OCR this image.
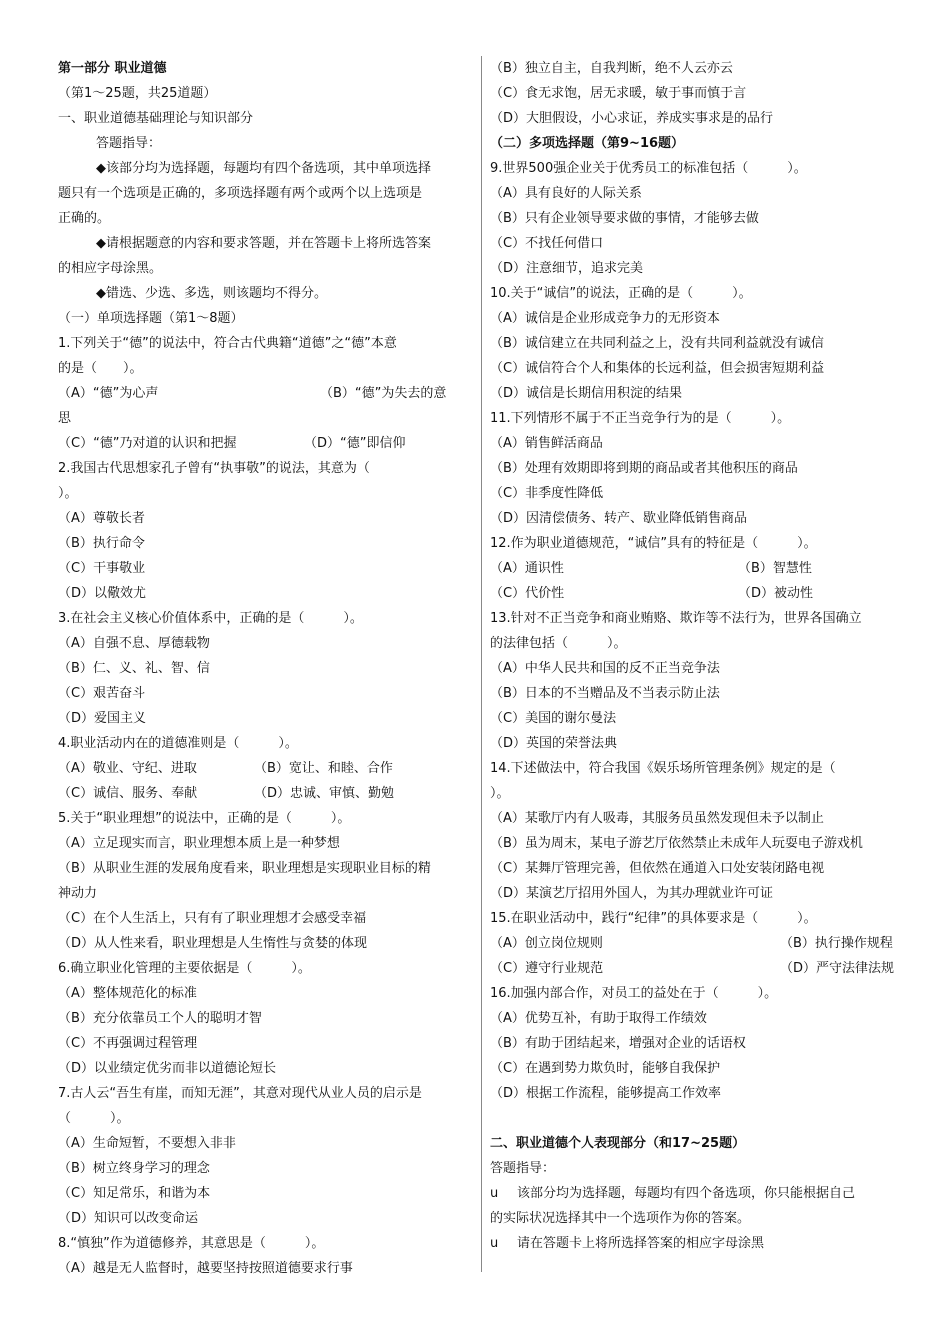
第一部分 职业道德
（第1～25题，共25道题）
一、职业道德基础理论与知识部分
答题指导：
◆该部分均为选择题，每题均有四个备选项，其中单项选择
题只有一个选项是正确的，多项选择题有两个或两个以上选项是
正确的。
◆请根据题意的内容和要求答题，并在答题卡上将所选答案
的相应字母涂黑。
◆错选、少选、多选，则该题均不得分。
（一）单项选择题（第1～8题）
1.下列关于“德”的说法中，符合古代典籍“道德”之“德”本意
的是（　　）。
（A）“德”为心声	（B）“德”为失去的意
思
（C）“德”乃对道的认识和把握	（D）“德”即信仰
2.我国古代思想家孔子曾有“执事敬”的说法，其意为（
）。
（A）尊敬长者
（B）执行命令
（C）干事敬业
（D）以儆效尤
3.在社会主义核心价值体系中，正确的是（　　　）。
（A）自强不息、厚德载物
（B）仁、义、礼、智、信
（C）艰苦奋斗
（D）爱国主义
4.职业活动内在的道德准则是（　　　）。
（A）敬业、守纪、进取	（B）宽让、和睦、合作
（C）诚信、服务、奉献	（D）忠诚、审慎、勤勉
5.关于“职业理想”的说法中，正确的是（　　　）。
（A）立足现实而言，职业理想本质上是一种梦想
（B）从职业生涯的发展角度看来，职业理想是实现职业目标的精
神动力
（C）在个人生活上，只有有了职业理想才会感受幸福
（D）从人性来看，职业理想是人生惰性与贪婪的体现
6.确立职业化管理的主要依据是（　　　）。
（A）整体规范化的标准
（B）充分依靠员工个人的聪明才智
（C）不再强调过程管理
（D）以业绩定优劣而非以道德论短长
7.古人云“吾生有崖，而知无涯”，其意对现代从业人员的启示是
（　　　）。
（A）生命短暂，不要想入非非
（B）树立终身学习的理念
（C）知足常乐，和谐为本
（D）知识可以改变命运
8.“慎独”作为道德修养，其意思是（　　　）。
（A）越是无人监督时，越要坚持按照道德要求行事
（B）独立自主，自我判断，绝不人云亦云
（C）食无求饱，居无求暖，敏于事而慎于言
（D）大胆假设，小心求证，养成实事求是的品行
（二）多项选择题（第9~16题）
9.世界500强企业关于优秀员工的标准包括（　　　）。
（A）具有良好的人际关系
（B）只有企业领导要求做的事情，才能够去做
（C）不找任何借口
（D）注意细节，追求完美
10.关于“诚信”的说法，正确的是（　　　）。
（A）诚信是企业形成竞争力的无形资本
（B）诚信建立在共同利益之上，没有共同利益就没有诚信
（C）诚信符合个人和集体的长远利益，但会损害短期利益
（D）诚信是长期信用积淀的结果
11.下列情形不属于不正当竞争行为的是（　　　）。
（A）销售鲜活商品
（B）处理有效期即将到期的商品或者其他积压的商品
（C）非季度性降低
（D）因清偿债务、转产、歇业降低销售商品
12.作为职业道德规范，“诚信”具有的特征是（　　　）。
（A）通识性	（B）智慧性
（C）代价性	（D）被动性
13.针对不正当竞争和商业贿赂、欺诈等不法行为，世界各国确立
的法律包括（　　　）。
（A）中华人民共和国的反不正当竞争法
（B）日本的不当赠品及不当表示防止法
（C）美国的谢尔曼法
（D）英国的荣誉法典
14.下述做法中，符合我国《娱乐场所管理条例》规定的是（
）。
（A）某歌厅内有人吸毒，其服务员虽然发现但未予以制止
（B）虽为周末，某电子游艺厅依然禁止未成年人玩耍电子游戏机
（C）某舞厅管理完善，但依然在通道入口处安装闭路电视
（D）某演艺厅招用外国人，为其办理就业许可证
15.在职业活动中，践行“纪律”的具体要求是（　　　）。
（A）创立岗位规则	（B）执行操作规程
（C）遵守行业规范	（D）严守法律法规
16.加强内部合作，对员工的益处在于（　　　）。
（A）优势互补，有助于取得工作绩效
（B）有助于团结起来，增强对企业的话语权
（C）在遇到势力欺负时，能够自我保护
（D）根据工作流程，能够提高工作效率
二、职业道德个人表现部分（和17~25题）
答题指导：
u　该部分均为选择题，每题均有四个备选项，你只能根据自己
的实际状况选择其中一个选项作为你的答案。
u　请在答题卡上将所选择答案的相应字母涂黑
